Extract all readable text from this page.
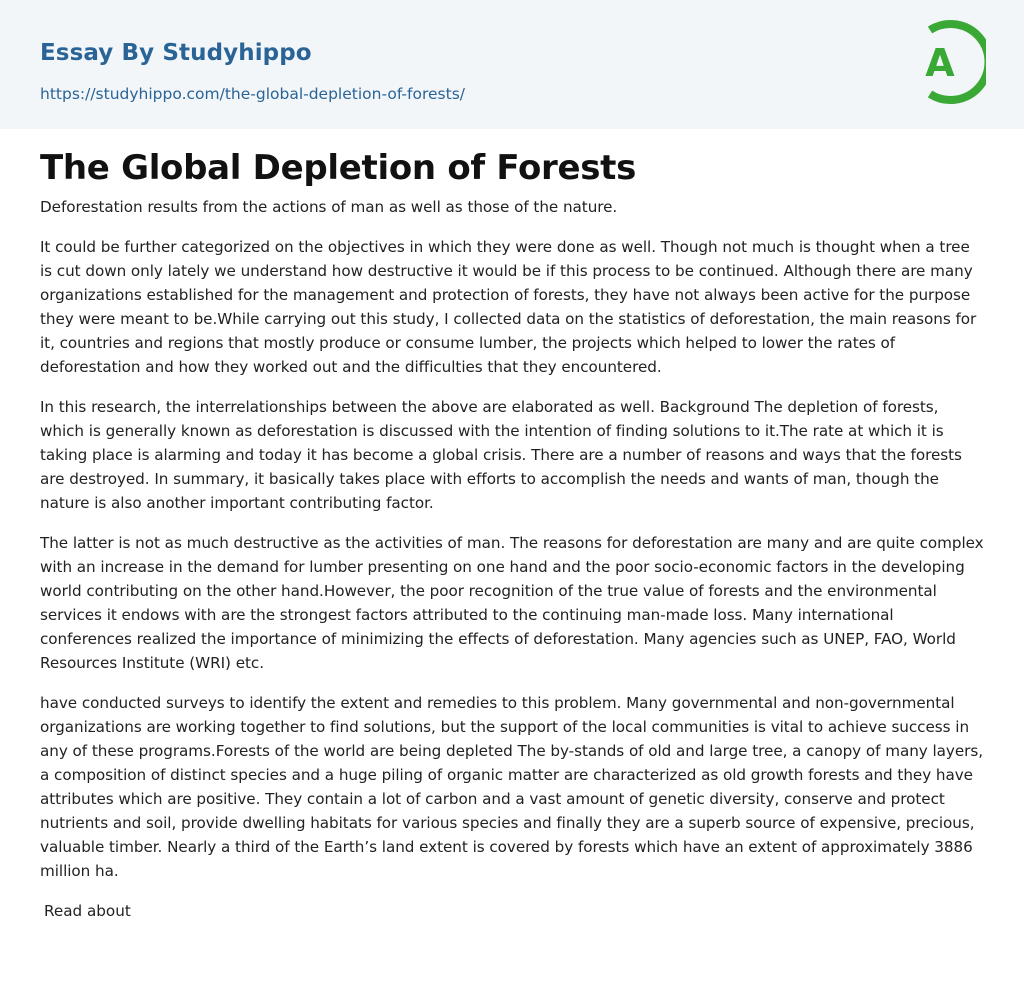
Essay By Studyhippo
https://studyhippo.com/the-global-depletion-of-forests/
A
The Global Depletion of Forests

Deforestation results from the actions of man as well as those of the nature.

It could be further categorized on the objectives in which they were done as well. Though not much is thought when a tree is cut down only lately we understand how destructive it would be if this process to be continued. Although there are many organizations established for the management and protection of forests, they have not always been active for the purpose they were meant to be.While carrying out this study, I collected data on the statistics of deforestation, the main reasons for it, countries and regions that mostly produce or consume lumber, the projects which helped to lower the rates of deforestation and how they worked out and the difficulties that they encountered.

In this research, the interrelationships between the above are elaborated as well. Background The depletion of forests, which is generally known as deforestation is discussed with the intention of finding solutions to it.The rate at which it is taking place is alarming and today it has become a global crisis. There are a number of reasons and ways that the forests are destroyed. In summary, it basically takes place with efforts to accomplish the needs and wants of man, though the nature is also another important contributing factor.

The latter is not as much destructive as the activities of man. The reasons for deforestation are many and are quite complex with an increase in the demand for lumber presenting on one hand and the poor socio-economic factors in the developing world contributing on the other hand.However, the poor recognition of the true value of forests and the environmental services it endows with are the strongest factors attributed to the continuing man-made loss. Many international conferences realized the importance of minimizing the effects of deforestation. Many agencies such as UNEP, FAO, World Resources Institute (WRI) etc.

have conducted surveys to identify the extent and remedies to this problem. Many governmental and non-governmental organizations are working together to find solutions, but the support of the local communities is vital to achieve success in any of these programs.Forests of the world are being depleted The by-stands of old and large tree, a canopy of many layers, a composition of distinct species and a huge piling of organic matter are characterized as old growth forests and they have attributes which are positive. They contain a lot of carbon and a vast amount of genetic diversity, conserve and protect nutrients and soil, provide dwelling habitats for various species and finally they are a superb source of expensive, precious, valuable timber. Nearly a third of the Earth’s land extent is covered by forests which have an extent of approximately 3886 million ha.

Read about
